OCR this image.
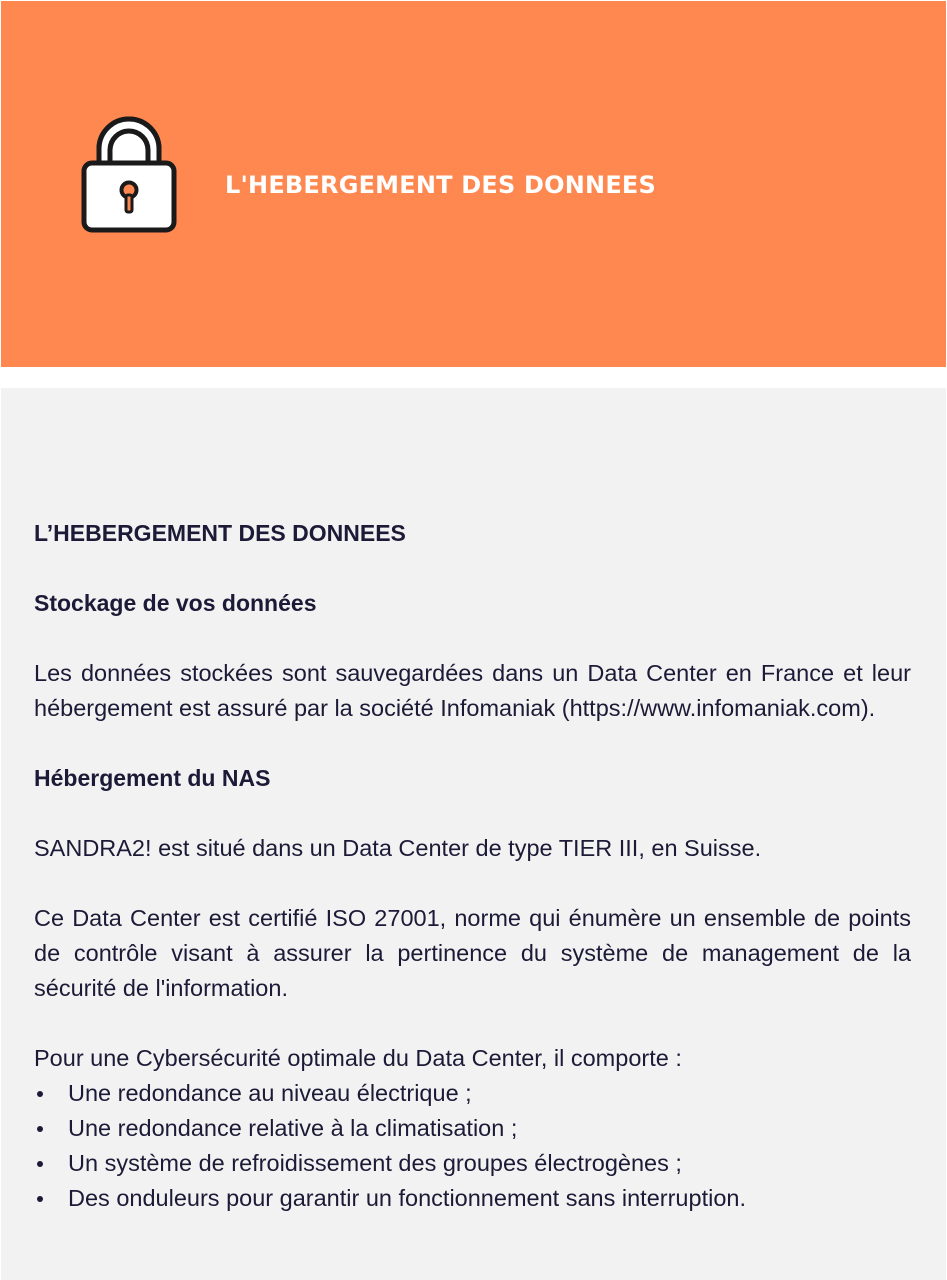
L'HEBERGEMENT DES DONNEES

L’HEBERGEMENT DES DONNEES

Stockage de vos données

Les données stockées sont sauvegardées dans un Data Center en France et leur hébergement est assuré par la société Infomaniak (https://www.infomaniak.com).

Hébergement du NAS

SANDRA2! est situé dans un Data Center de type TIER III, en Suisse.

Ce Data Center est certifié ISO 27001, norme qui énumère un ensemble de points de contrôle visant à assurer la pertinence du système de management de la sécurité de l'information.

Pour une Cybersécurité optimale du Data Center, il comporte :

Une redondance au niveau électrique ;
Une redondance relative à la climatisation ;
Un système de refroidissement des groupes électrogènes ;
Des onduleurs pour garantir un fonctionnement sans interruption.
